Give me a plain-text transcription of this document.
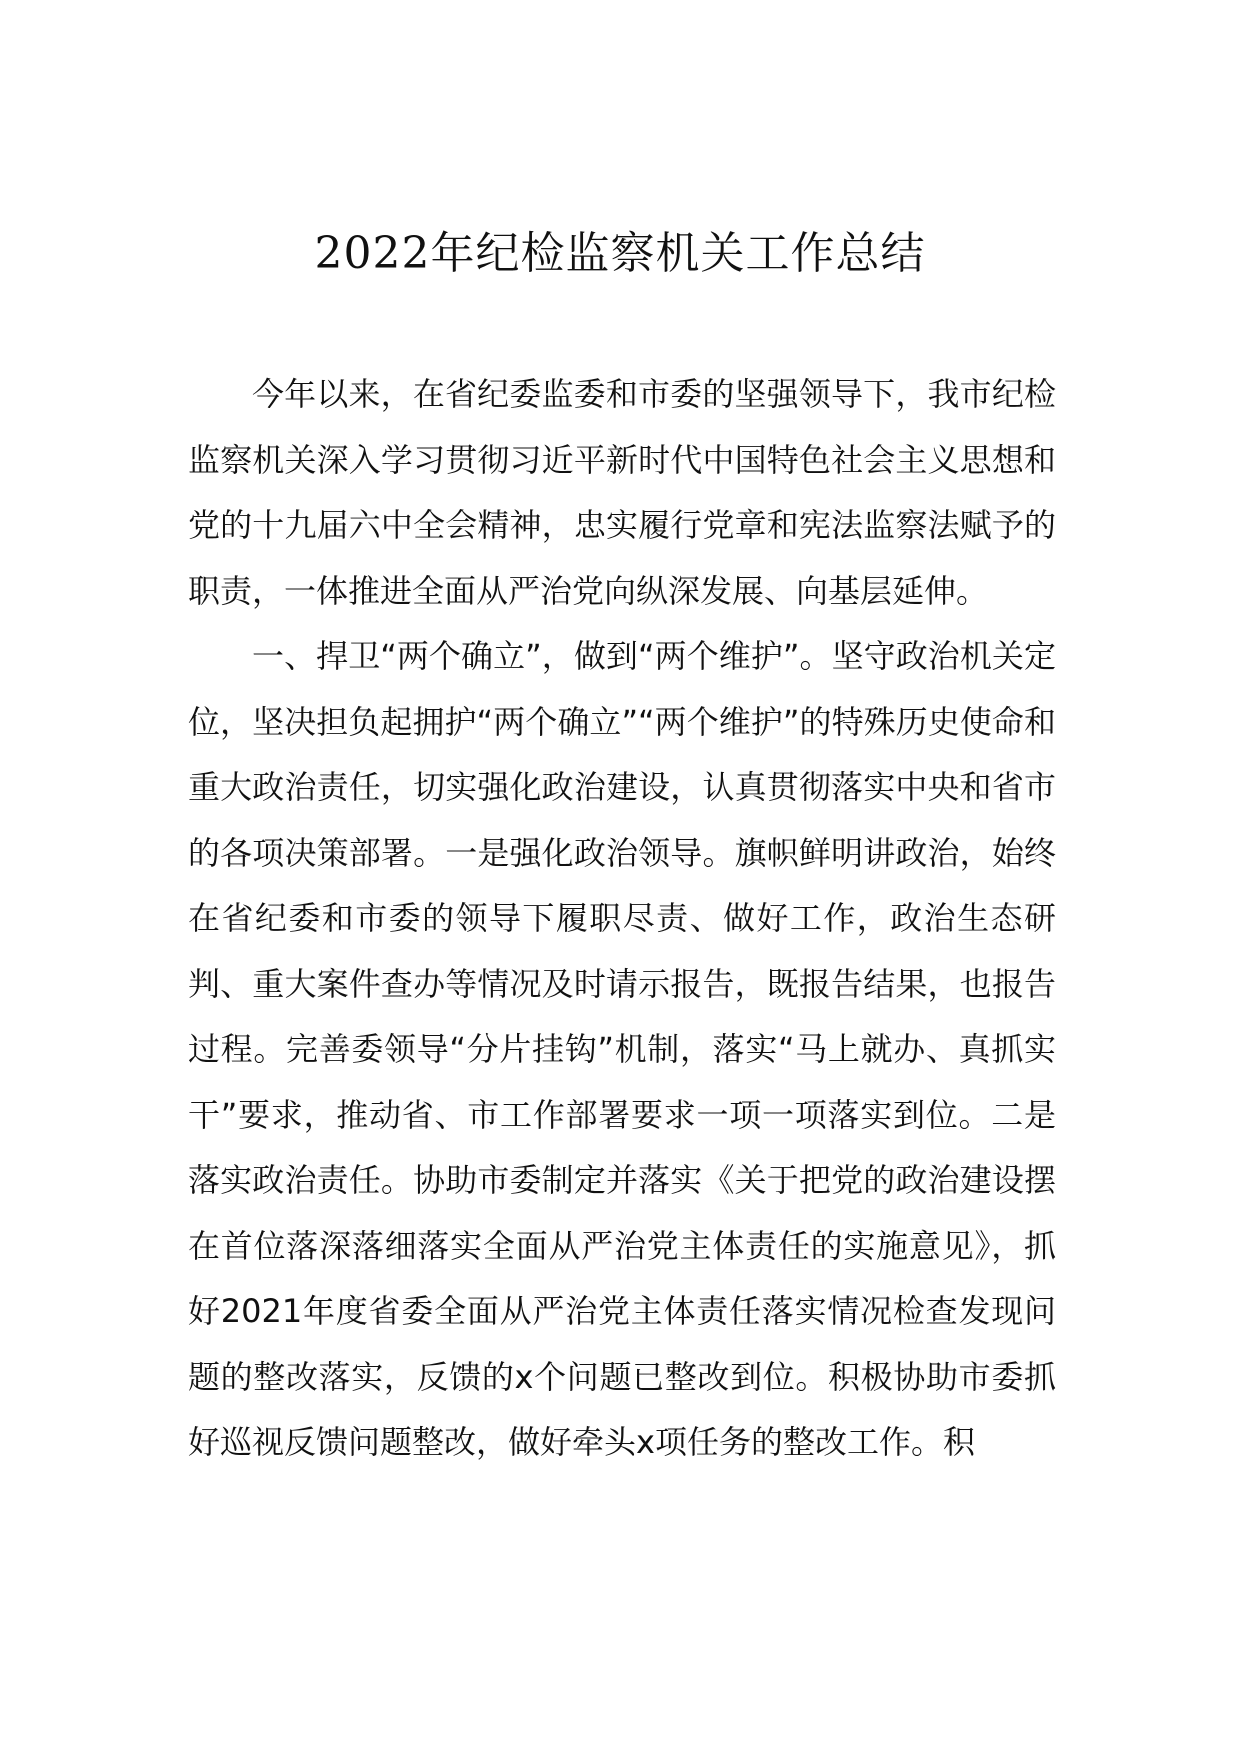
2022年纪检监察机关工作总结

今年以来，在省纪委监委和市委的坚强领导下，我市纪检监察机关深入学习贯彻习近平新时代中国特色社会主义思想和党的十九届六中全会精神，忠实履行党章和宪法监察法赋予的职责，一体推进全面从严治党向纵深发展、向基层延伸。

一、捍卫“两个确立”，做到“两个维护”。坚守政治机关定位，坚决担负起拥护“两个确立”“两个维护”的特殊历史使命和重大政治责任，切实强化政治建设，认真贯彻落实中央和省市的各项决策部署。一是强化政治领导。旗帜鲜明讲政治，始终在省纪委和市委的领导下履职尽责、做好工作，政治生态研判、重大案件查办等情况及时请示报告，既报告结果，也报告过程。完善委领导“分片挂钩”机制，落实“马上就办、真抓实干”要求，推动省、市工作部署要求一项一项落实到位。二是落实政治责任。协助市委制定并落实《关于把党的政治建设摆在首位落深落细落实全面从严治党主体责任的实施意见》，抓好2021年度省委全面从严治党主体责任落实情况检查发现问题的整改落实，反馈的x个问题已整改到位。积极协助市委抓好巡视反馈问题整改，做好牵头x项任务的整改工作。积
